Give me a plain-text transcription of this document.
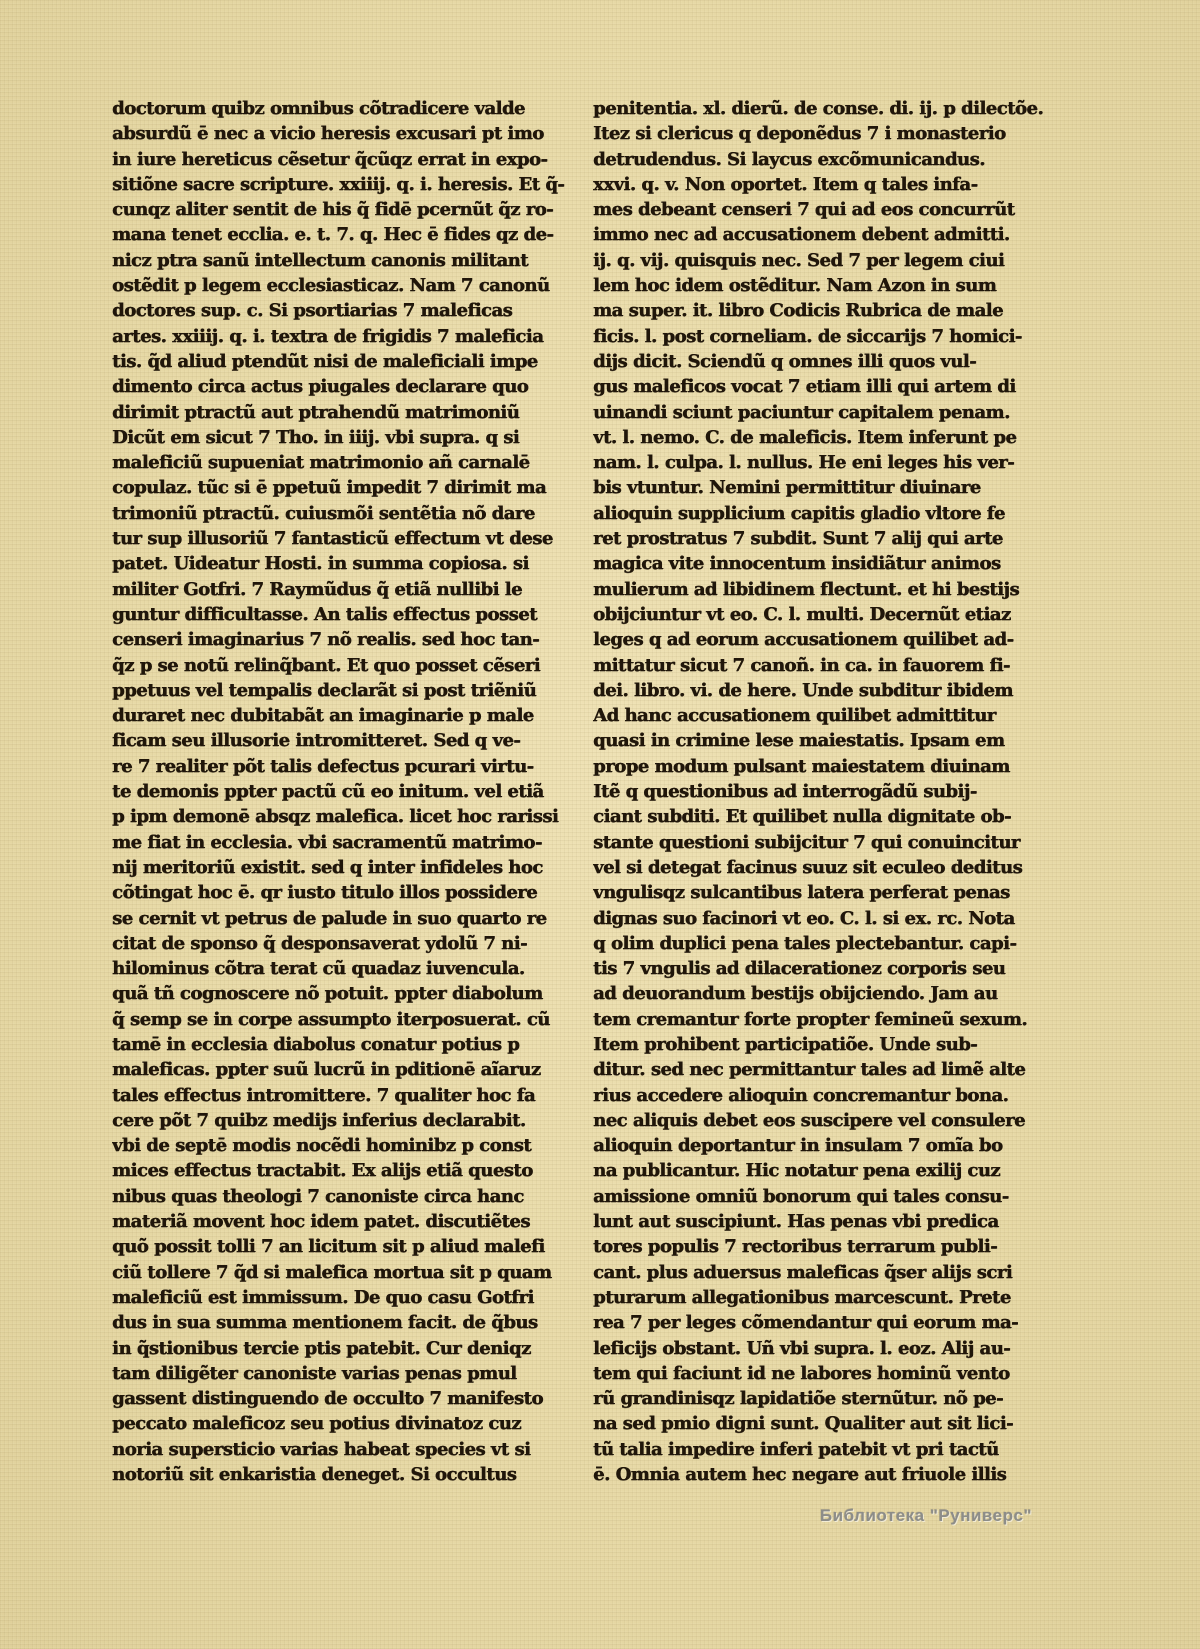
doctorum quibz omnibus cõtradicere valde
absurdũ ē nec a vicio heresis excusari pt imo
in iure hereticus cẽsetur q̃cũqz errat in expo-
sitiõne sacre scripture. xxiiij. q. i. heresis. Et q̃-
cunqz aliter sentit de his q̃ fidē pcernũt q̃z ro-
mana tenet ecclia. e. t. 7. q. Hec ē fides qz de-
nicz ptra sanũ intellectum canonis militant
ostẽdit p legem ecclesiasticaz. Nam 7 canonũ
doctores sup. c. Si psortiarias 7 maleficas
artes. xxiiij. q. i. textra de frigidis 7 maleficia
tis. q̃d aliud ptendũt nisi de maleficiali impe
dimento circa actus piugales declarare quo
dirimit ptractũ aut ptrahendũ matrimoniũ
Dicũt em sicut 7 Tho. in iiij. vbi supra. q si
maleficiũ supueniat matrimonio añ carnalē
copulaz. tũc si ē ppetuũ impedit 7 dirimit ma
trimoniũ ptractũ. cuiusmõi sentẽtia nõ dare
tur sup illusoriũ 7 fantasticũ effectum vt dese
patet. Uideatur Hosti. in summa copiosa. si
militer Gotfri. 7 Raymũdus q̃ etiã nullibi le
guntur difficultasse. An talis effectus posset
censeri imaginarius 7 nõ realis. sed hoc tan-
q̃z p se notũ relinq̃bant. Et quo posset cẽseri
ppetuus vel tempalis declarãt si post triẽniũ
duraret nec dubitabãt an imaginarie p male
ficam seu illusorie intromitteret. Sed q ve-
re 7 realiter põt talis defectus pcurari virtu-
te demonis ppter pactũ cũ eo initum. vel etiã
p ipm demonē absqz malefica. licet hoc rarissi
me fiat in ecclesia. vbi sacramentũ matrimo-
nij meritoriũ existit. sed q inter infideles hoc
cõtingat hoc ē. qr iusto titulo illos possidere
se cernit vt petrus de palude in suo quarto re
citat de sponso q̃ desponsaverat ydolũ 7 ni-
hilominus cõtra terat cũ quadaz iuvencula.
quã tñ cognoscere nõ potuit. ppter diabolum
q̃ semp se in corpe assumpto iterposuerat. cũ
tamē in ecclesia diabolus conatur potius p
maleficas. ppter suũ lucrũ in pditionē aĩaruz
tales effectus intromittere. 7 qualiter hoc fa
cere põt 7 quibz medijs inferius declarabit.
vbi de septē modis nocẽdi hominibz p const
mices effectus tractabit. Ex alijs etiã questo
nibus quas theologi 7 canoniste circa hanc
materiã movent hoc idem patet. discutiẽtes
quõ possit tolli 7 an licitum sit p aliud malefi
ciũ tollere 7 q̃d si malefica mortua sit p quam
maleficiũ est immissum. De quo casu Gotfri
dus in sua summa mentionem facit. de q̃bus
in q̃stionibus tercie ptis patebit. Cur deniqz
tam diligẽter canoniste varias penas pmul
gassent distinguendo de occulto 7 manifesto
peccato maleficoz seu potius divinatoz cuz
noria supersticio varias habeat species vt si
notoriũ sit enkaristia deneget. Si occultus
penitentia. xl. dierũ. de conse. di. ij. p dilectõe.
Itez si clericus q deponẽdus 7 i monasterio
detrudendus. Si laycus excõmunicandus.
xxvi. q. v. Non oportet. Item q tales infa-
mes debeant censeri 7 qui ad eos concurrũt
immo nec ad accusationem debent admitti.
ij. q. vij. quisquis nec. Sed 7 per legem ciui
lem hoc idem ostẽditur. Nam Azon in sum
ma super. it. libro Codicis Rubrica de male
ficis. l. post corneliam. de siccarijs 7 homici-
dijs dicit. Sciendũ q omnes illi quos vul-
gus maleficos vocat 7 etiam illi qui artem di
uinandi sciunt paciuntur capitalem penam.
vt. l. nemo. C. de maleficis. Item inferunt pe
nam. l. culpa. l. nullus. He eni leges his ver-
bis vtuntur. Nemini permittitur diuinare
alioquin supplicium capitis gladio vltore fe
ret prostratus 7 subdit. Sunt 7 alij qui arte
magica vite innocentum insidiãtur animos
mulierum ad libidinem flectunt. et hi bestijs
obijciuntur vt eo. C. l. multi. Decernũt etiaz
leges q ad eorum accusationem quilibet ad-
mittatur sicut 7 canoñ. in ca. in fauorem fi-
dei. libro. vi. de here. Unde subditur ibidem
Ad hanc accusationem quilibet admittitur
quasi in crimine lese maiestatis. Ipsam em
prope modum pulsant maiestatem diuinam
Itẽ q questionibus ad interrogãdũ subij-
ciant subditi. Et quilibet nulla dignitate ob-
stante questioni subijcitur 7 qui conuincitur
vel si detegat facinus suuz sit eculeo deditus
vngulisqz sulcantibus latera perferat penas
dignas suo facinori vt eo. C. l. si ex. rc. Nota
q olim duplici pena tales plectebantur. capi-
tis 7 vngulis ad dilacerationez corporis seu
ad deuorandum bestijs obijciendo. Jam au
tem cremantur forte propter femineũ sexum.
Item prohibent participatiõe. Unde sub-
ditur. sed nec permittantur tales ad limẽ alte
rius accedere alioquin concremantur bona.
nec aliquis debet eos suscipere vel consulere
alioquin deportantur in insulam 7 omĩa bo
na publicantur. Hic notatur pena exilij cuz
amissione omniũ bonorum qui tales consu-
lunt aut suscipiunt. Has penas vbi predica
tores populis 7 rectoribus terrarum publi-
cant. plus aduersus maleficas q̃ser alijs scri
pturarum allegationibus marcescunt. Prete
rea 7 per leges cõmendantur qui eorum ma-
leficijs obstant. Uñ vbi supra. l. eoz. Alij au-
tem qui faciunt id ne labores hominũ vento
rũ grandinisqz lapidatiõe sternũtur. nõ pe-
na sed pmio digni sunt. Qualiter aut sit lici-
tũ talia impedire inferi patebit vt pri tactũ
ē. Omnia autem hec negare aut friuole illis
Библиотека "Руниверс"
